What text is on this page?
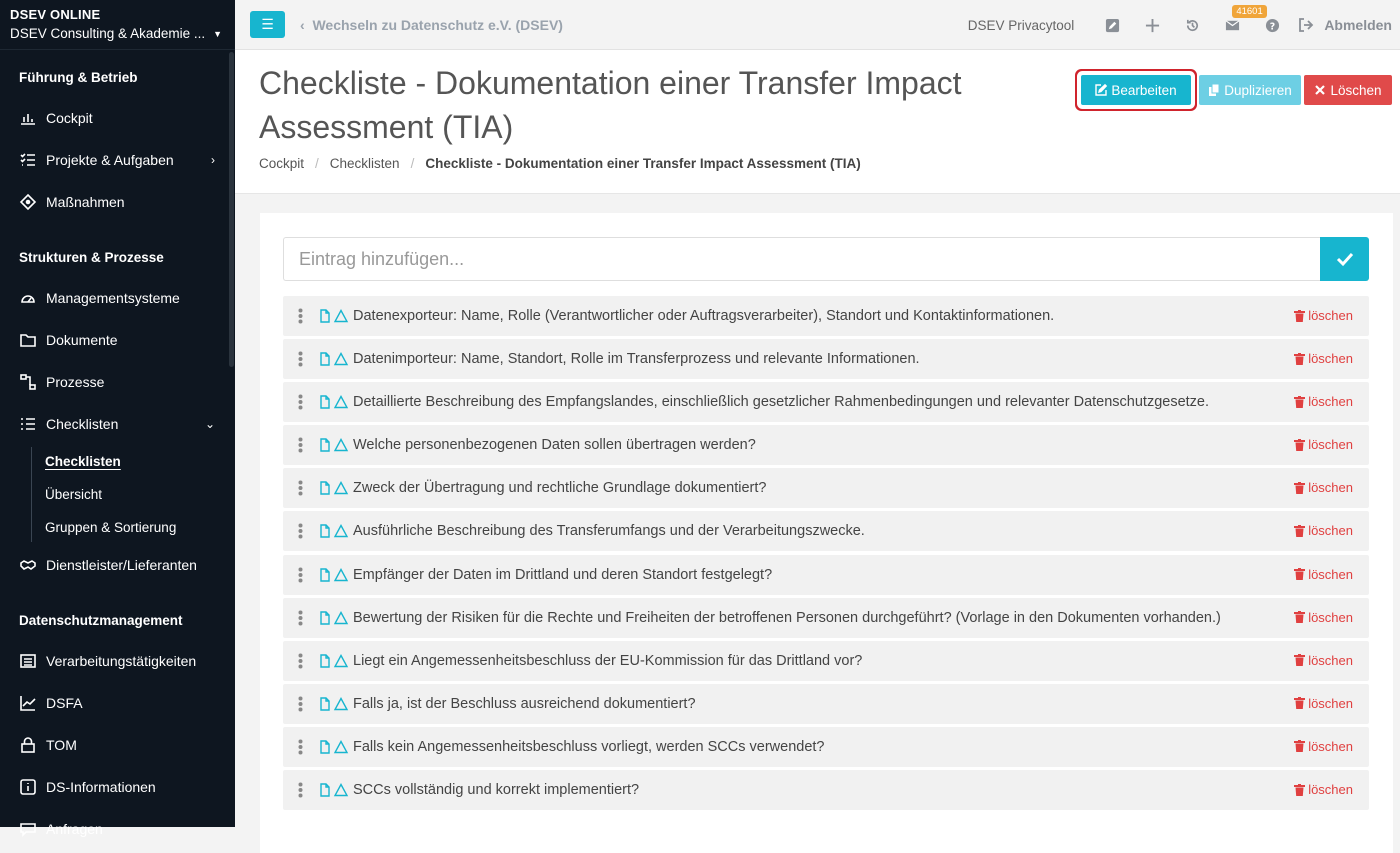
DSEV ONLINE
DSEV Consulting & Akademie ... ▼
Führung & Betrieb
Cockpit
Projekte & Aufgaben	›
Maßnahmen
Strukturen & Prozesse
Managementsysteme
Dokumente
Prozesse
Checklisten	⌄
Checklisten
Übersicht
Gruppen & Sortierung
Dienstleister/Lieferanten
Datenschutzmanagement
Verarbeitungstätigkeiten
DSFA
TOM
DS-Informationen
Anfragen
☰ ‹ Wechseln zu Datenschutz e.V. (DSEV)	DSEV Privacytool
41601
?	Abmelden
Checkliste - Dokumentation einer Transfer Impact Assessment (TIA)
Cockpit / Checklisten / Checkliste - Dokumentation einer Transfer Impact Assessment (TIA)
Bearbeiten	Duplizieren	Löschen
Eintrag hinzufügen...
Datenexporteur: Name, Rolle (Verantwortlicher oder Auftragsverarbeiter), Standort und Kontaktinformationen.	löschen
Datenimporteur: Name, Standort, Rolle im Transferprozess und relevante Informationen.	löschen
Detaillierte Beschreibung des Empfangslandes, einschließlich gesetzlicher Rahmenbedingungen und relevanter Datenschutzgesetze.	löschen
Welche personenbezogenen Daten sollen übertragen werden?	löschen
Zweck der Übertragung und rechtliche Grundlage dokumentiert?	löschen
Ausführliche Beschreibung des Transferumfangs und der Verarbeitungszwecke.	löschen
Empfänger der Daten im Drittland und deren Standort festgelegt?	löschen
Bewertung der Risiken für die Rechte und Freiheiten der betroffenen Personen durchgeführt? (Vorlage in den Dokumenten vorhanden.)	löschen
Liegt ein Angemessenheitsbeschluss der EU-Kommission für das Drittland vor?	löschen
Falls ja, ist der Beschluss ausreichend dokumentiert?	löschen
Falls kein Angemessenheitsbeschluss vorliegt, werden SCCs verwendet?	löschen
SCCs vollständig und korrekt implementiert?	löschen
